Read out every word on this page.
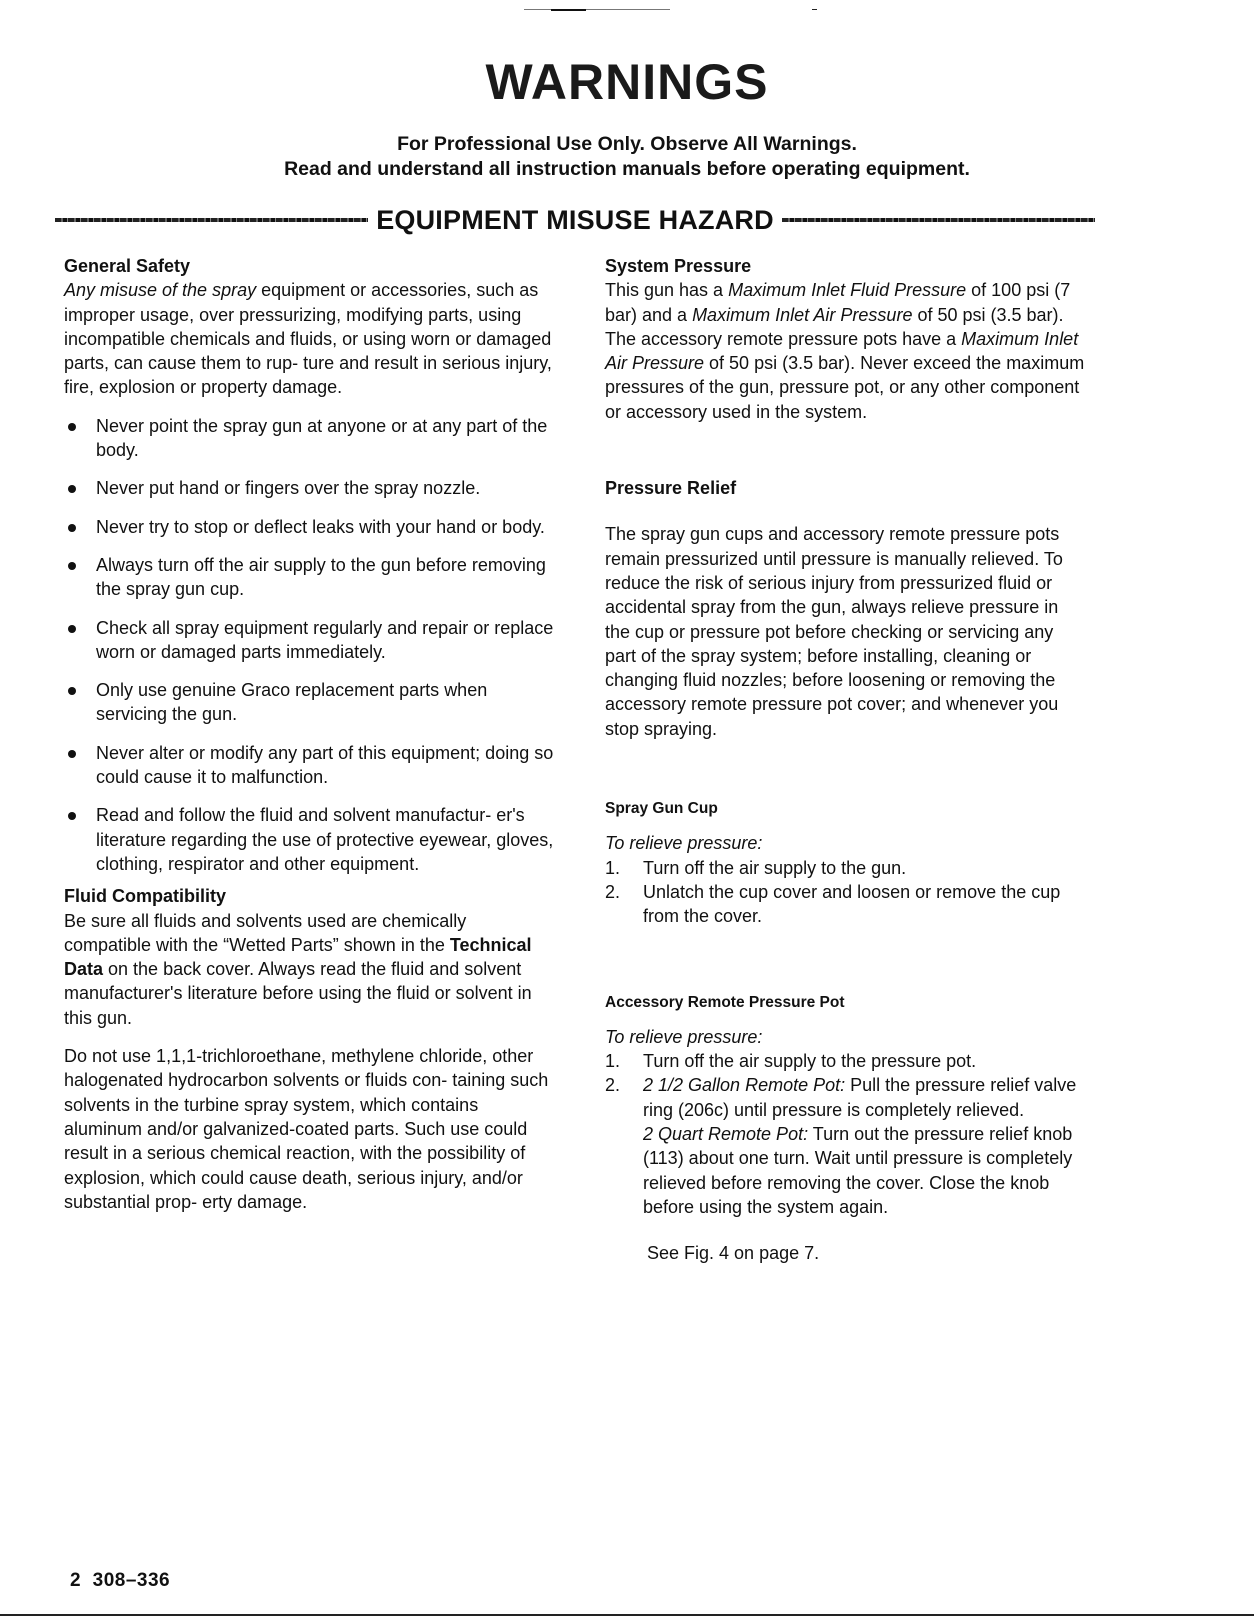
WARNINGS
For Professional Use Only. Observe All Warnings.
Read and understand all instruction manuals before operating equipment.
EQUIPMENT MISUSE HAZARD
General Safety

Any misuse of the spray equipment or accessories, such as improper usage, over pressurizing, modifying parts, using incompatible chemicals and fluids, or using worn or damaged parts, can cause them to rup- ture and result in serious injury, fire, explosion or property damage.

Never point the spray gun at anyone or at any part of the body.
Never put hand or fingers over the spray nozzle.
Never try to stop or deflect leaks with your hand or body.
Always turn off the air supply to the gun before removing the spray gun cup.
Check all spray equipment regularly and repair or replace worn or damaged parts immediately.
Only use genuine Graco replacement parts when servicing the gun.
Never alter or modify any part of this equipment; doing so could cause it to malfunction.
Read and follow the fluid and solvent manufactur- er's literature regarding the use of protective eyewear, gloves, clothing, respirator and other equipment.
Fluid Compatibility

Be sure all fluids and solvents used are chemically compatible with the “Wetted Parts” shown in the Technical Data on the back cover. Always read the fluid and solvent manufacturer's literature before using the fluid or solvent in this gun.

Do not use 1,1,1-trichloroethane, methylene chloride, other halogenated hydrocarbon solvents or fluids con- taining such solvents in the turbine spray system, which contains aluminum and/or galvanized-coated parts. Such use could result in a serious chemical reaction, with the possibility of explosion, which could cause death, serious injury, and/or substantial prop- erty damage.

System Pressure

This gun has a Maximum Inlet Fluid Pressure of 100 psi (7 bar) and a Maximum Inlet Air Pressure of 50 psi (3.5 bar). The accessory remote pressure pots have a Maximum Inlet Air Pressure of 50 psi (3.5 bar). Never exceed the maximum pressures of the gun, pressure pot, or any other component or accessory used in the system.

Pressure Relief

The spray gun cups and accessory remote pressure pots remain pressurized until pressure is manually relieved. To reduce the risk of serious injury from pressurized fluid or accidental spray from the gun, always relieve pressure in the cup or pressure pot before checking or servicing any part of the spray system; before installing, cleaning or changing fluid nozzles; before loosening or removing the accessory remote pressure pot cover; and whenever you stop spraying.

Spray Gun Cup

To relieve pressure:

1. Turn off the air supply to the gun.
2. Unlatch the cup cover and loosen or remove the cup from the cover.
Accessory Remote Pressure Pot

To relieve pressure:

1. Turn off the air supply to the pressure pot.
2. 2 1/2 Gallon Remote Pot: Pull the pressure relief valve ring (206c) until pressure is completely relieved.
2 Quart Remote Pot: Turn out the pressure relief knob (113) about one turn. Wait until pressure is completely relieved before removing the cover. Close the knob before using the system again.

See Fig. 4 on page 7.

2 308–336
